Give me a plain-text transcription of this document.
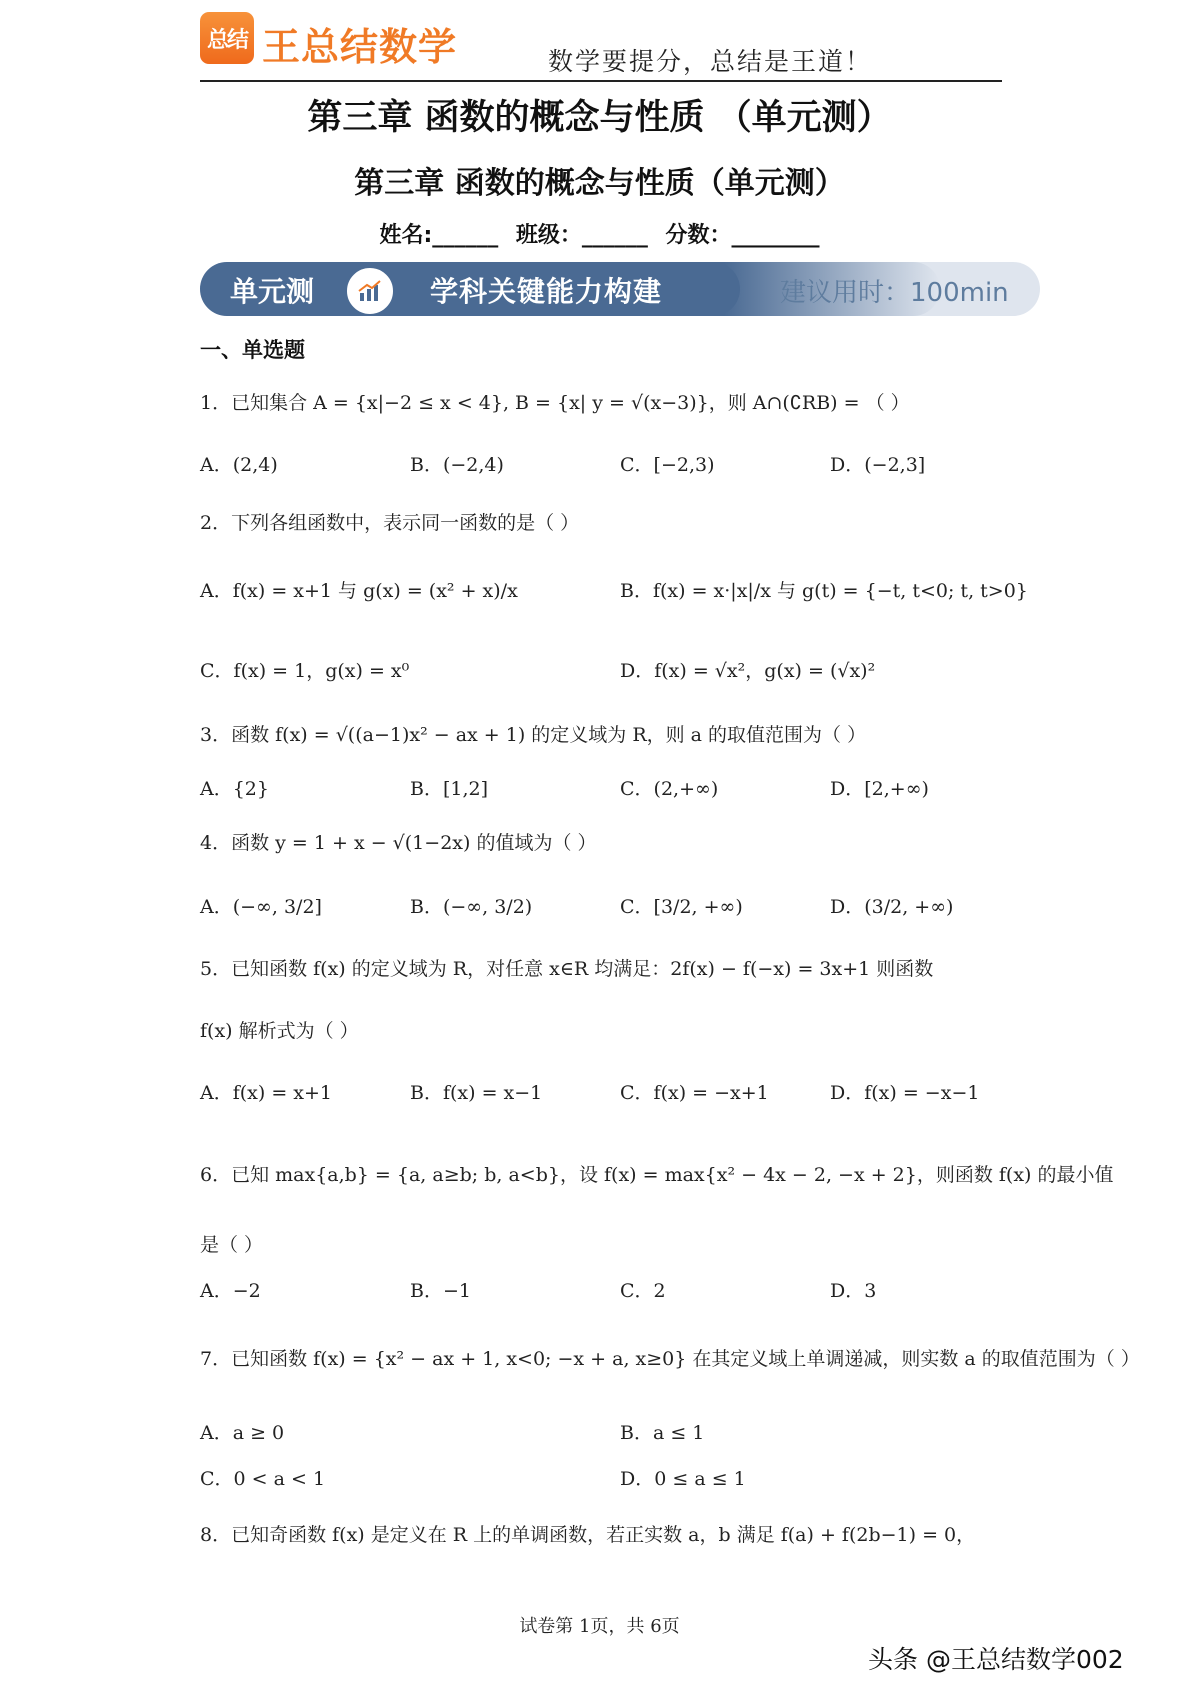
总结 王总结数学	数学要提分，总结是王道！
第三章 函数的概念与性质 （单元测）
第三章 函数的概念与性质（单元测）
姓名:______ 班级：______ 分数：________
单元测	学科关键能力构建	建议用时：100min
一、单选题
1．已知集合 A = {x|−2 ≤ x < 4}, B = {x| y = √(x−3)}，则 A∩(∁RB) = （ ）
A．(2,4)	B．(−2,4)	C．[−2,3)	D．(−2,3]
2．下列各组函数中，表示同一函数的是（ ）
A．f(x) = x+1 与 g(x) = (x² + x)/x	B．f(x) = x·|x|/x 与 g(t) = {−t, t<0; t, t>0}
C．f(x) = 1，g(x) = x⁰	D．f(x) = √x²，g(x) = (√x)²
3．函数 f(x) = √((a−1)x² − ax + 1) 的定义域为 R，则 a 的取值范围为（ ）
A．{2}	B．[1,2]	C．(2,+∞)	D．[2,+∞)
4．函数 y = 1 + x − √(1−2x) 的值域为（ ）
A．(−∞, 3/2]	B．(−∞, 3/2)	C．[3/2, +∞)	D．(3/2, +∞)
5．已知函数 f(x) 的定义域为 R，对任意 x∈R 均满足：2f(x) − f(−x) = 3x+1 则函数
f(x) 解析式为（ ）
A．f(x) = x+1	B．f(x) = x−1	C．f(x) = −x+1	D．f(x) = −x−1
6．已知 max{a,b} = {a, a≥b; b, a<b}，设 f(x) = max{x² − 4x − 2, −x + 2}，则函数 f(x) 的最小值
是（ ）
A．−2	B．−1	C．2	D．3
7．已知函数 f(x) = {x² − ax + 1, x<0; −x + a, x≥0} 在其定义域上单调递减，则实数 a 的取值范围为（ ）
A．a ≥ 0	B．a ≤ 1
C．0 < a < 1	D．0 ≤ a ≤ 1
8．已知奇函数 f(x) 是定义在 R 上的单调函数，若正实数 a，b 满足 f(a) + f(2b−1) = 0，
试卷第 1页，共 6页
头条 @王总结数学002
